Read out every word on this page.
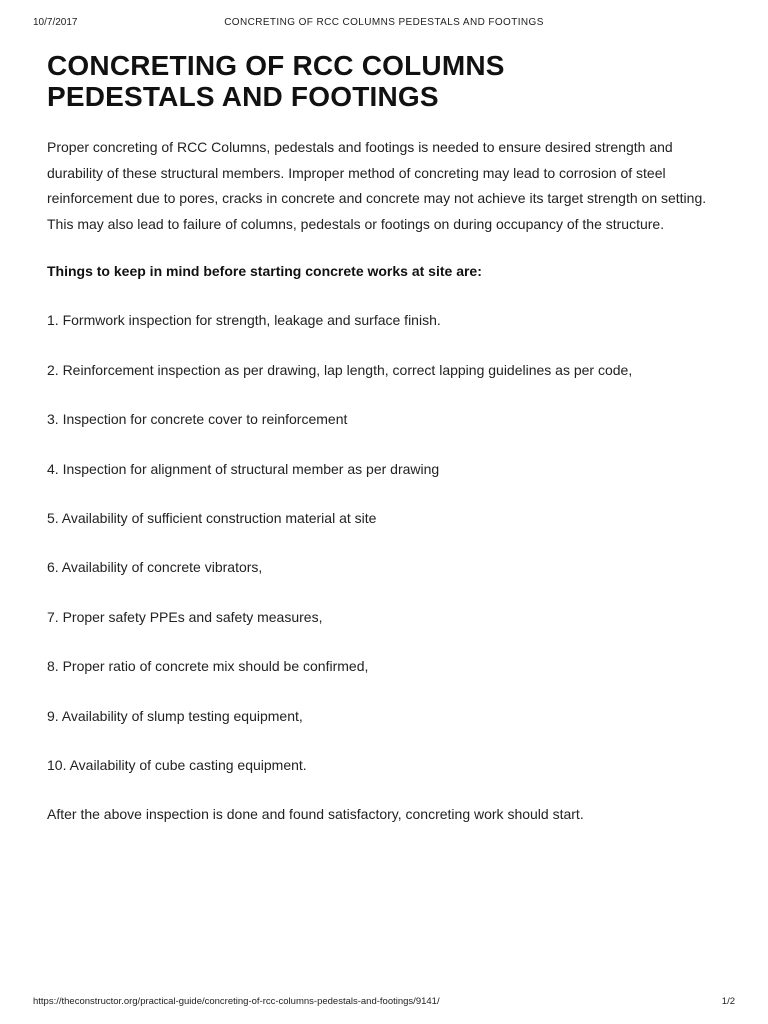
10/7/2017	CONCRETING OF RCC COLUMNS PEDESTALS AND FOOTINGS
CONCRETING OF RCC COLUMNS
PEDESTALS AND FOOTINGS

Proper concreting of RCC Columns, pedestals and footings is needed to ensure desired strength and durability of these structural members. Improper method of concreting may lead to corrosion of steel reinforcement due to pores, cracks in concrete and concrete may not achieve its target strength on setting. This may also lead to failure of columns, pedestals or footings on during occupancy of the structure.

Things to keep in mind before starting concrete works at site are:

1. Formwork inspection for strength, leakage and surface finish.
2. Reinforcement inspection as per drawing, lap length, correct lapping guidelines as per code,
3. Inspection for concrete cover to reinforcement
4. Inspection for alignment of structural member as per drawing
5. Availability of sufficient construction material at site
6. Availability of concrete vibrators,
7. Proper safety PPEs and safety measures,
8. Proper ratio of concrete mix should be confirmed,
9. Availability of slump testing equipment,
10. Availability of cube casting equipment.

After the above inspection is done and found satisfactory, concreting work should start.

https://theconstructor.org/practical-guide/concreting-of-rcc-columns-pedestals-and-footings/9141/	1/2
